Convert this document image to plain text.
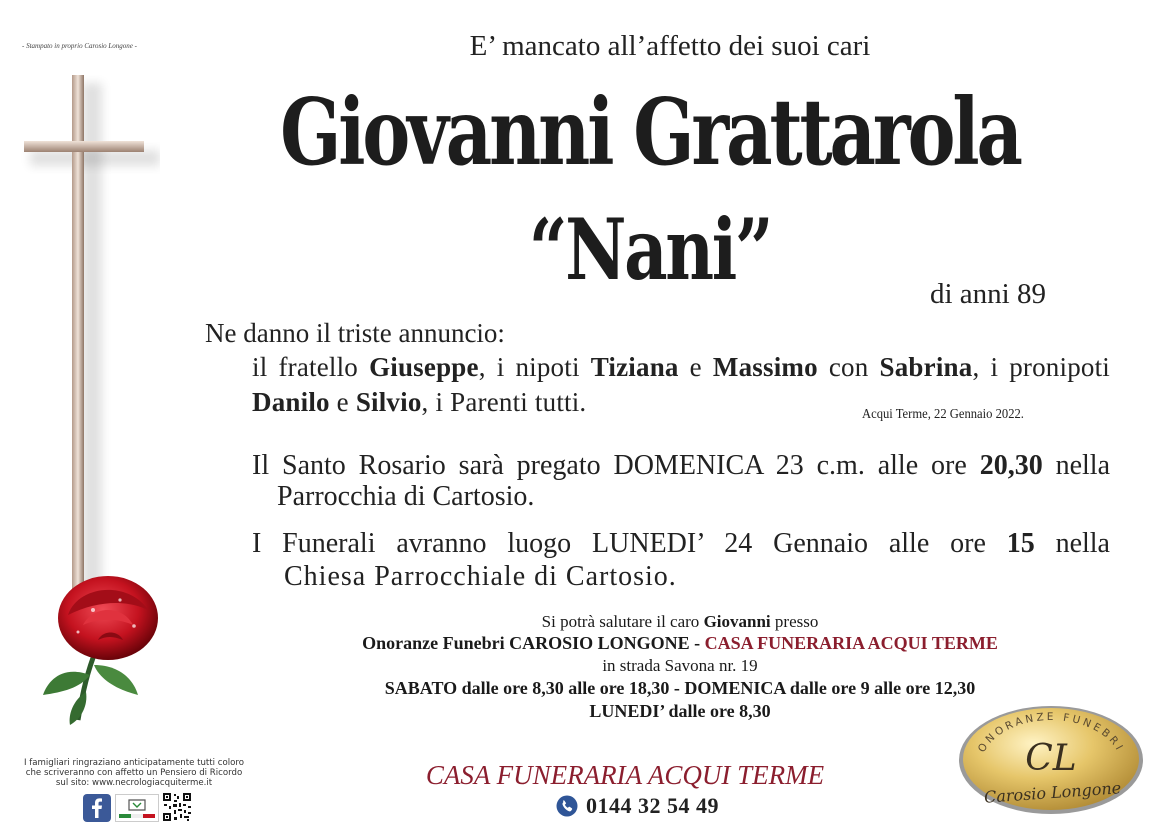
- Stampato in proprio Carosio Longone -	E’ mancato all’affetto dei suoi cari
Giovanni Grattarola
“Nani”	di anni 89
Ne danno il triste annuncio:
il fratello Giuseppe, i nipoti Tiziana e Massimo con Sabrina, i pronipoti
Danilo e Silvio, i Parenti tutti.	Acqui Terme, 22 Gennaio 2022.
Il Santo Rosario sarà pregato DOMENICA 23 c.m. alle ore 20,30 nella
Parrocchia di Cartosio.
I Funerali avranno luogo LUNEDI’ 24 Gennaio alle ore 15 nella
Chiesa Parrocchiale di Cartosio.
Si potrà salutare il caro Giovanni presso
Onoranze Funebri CAROSIO LONGONE - CASA FUNERARIA ACQUI TERME
in strada Savona nr. 19
SABATO dalle ore 8,30 alle ore 18,30 - DOMENICA dalle ore 9 alle ore 12,30
LUNEDI’ dalle ore 8,30
I famigliari ringraziano anticipatamente tutti coloro
che scriveranno con affetto un Pensiero di Ricordo
sul sito: www.necrologiacquiterme.it	CASA FUNERARIA ACQUI TERME
0144 32 54 49
ONORANZE FUNEBRI
CL
Carosio Longone
